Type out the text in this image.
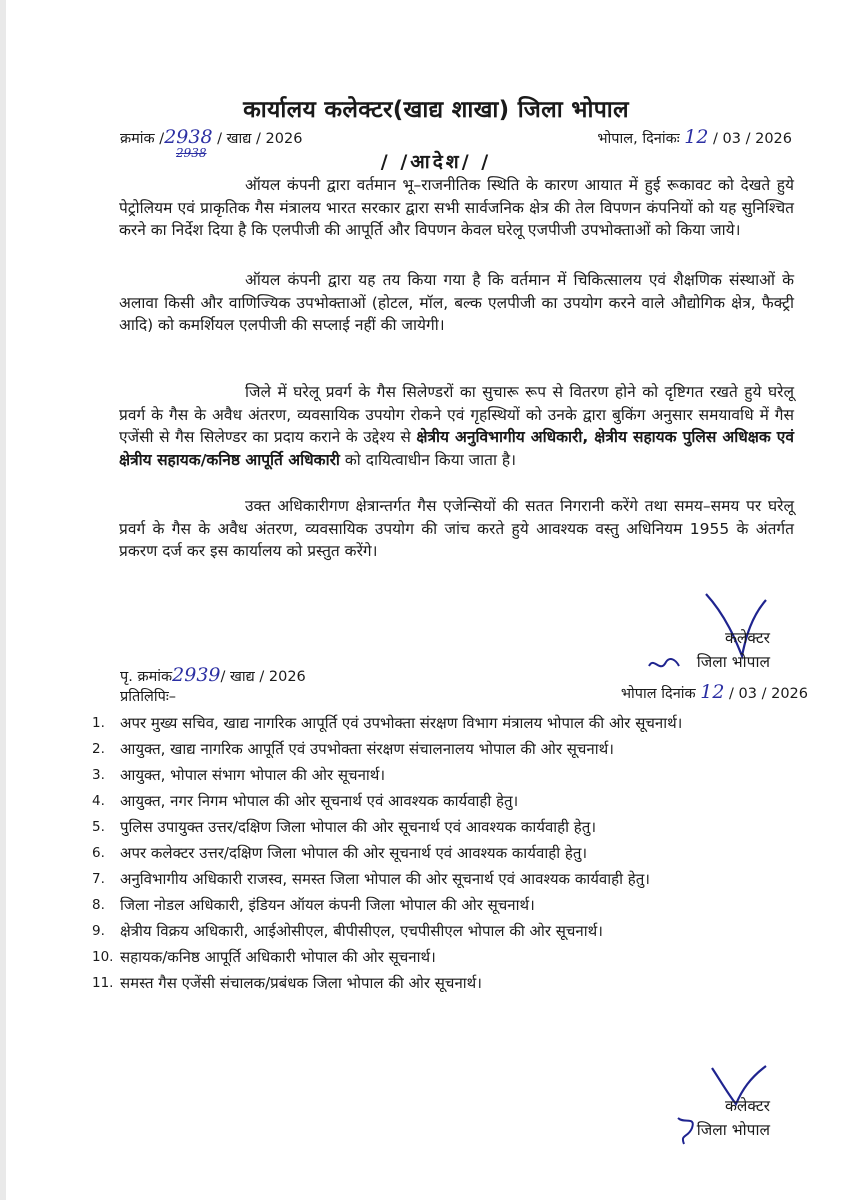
कार्यालय कलेक्टर(खाद्य शाखा) जिला भोपाल
क्रमांक /2938 / खाद्य / 2026
2938
भोपाल, दिनांकः 12 / 03 / 2026
/ /आदेश/ /
ऑयल कंपनी द्वारा वर्तमान भू–राजनीतिक स्थिति के कारण आयात में हुई रूकावट को देखते हुये पेट्रोलियम एवं प्राकृतिक गैस मंत्रालय भारत सरकार द्वारा सभी सार्वजनिक क्षेत्र की तेल विपणन कंपनियों को यह सुनिश्चित करने का निर्देश दिया है कि एलपीजी की आपूर्ति और विपणन केवल घरेलू एजपीजी उपभोक्ताओं को किया जाये।
ऑयल कंपनी द्वारा यह तय किया गया है कि वर्तमान में चिकित्सालय एवं शैक्षणिक संस्थाओं के अलावा किसी और वाणिज्यिक उपभोक्ताओं (होटल, मॉल, बल्क एलपीजी का उपयोग करने वाले औद्योगिक क्षेत्र, फैक्ट्री आदि) को कमर्शियल एलपीजी की सप्लाई नहीं की जायेगी।
जिले में घरेलू प्रवर्ग के गैस सिलेण्डरों का सुचारू रूप से वितरण होने को दृष्टिगत रखते हुये घरेलू प्रवर्ग के गैस के अवैध अंतरण, व्यवसायिक उपयोग रोकने एवं गृहस्थियों को उनके द्वारा बुकिंग अनुसार समयावधि में गैस एजेंसी से गैस सिलेण्डर का प्रदाय कराने के उद्देश्य से क्षेत्रीय अनुविभागीय अधिकारी, क्षेत्रीय सहायक पुलिस अधिक्षक एवं क्षेत्रीय सहायक/कनिष्ठ आपूर्ति अधिकारी को दायित्वाधीन किया जाता है।
उक्त अधिकारीगण क्षेत्रान्तर्गत गैस एजेन्सियों की सतत निगरानी करेंगे तथा समय–समय पर घरेलू प्रवर्ग के गैस के अवैध अंतरण, व्यवसायिक उपयोग की जांच करते हुये आवश्यक वस्तु अधिनियम 1955 के अंतर्गत प्रकरण दर्ज कर इस कार्यालय को प्रस्तुत करेंगे।
कलेक्टर
जिला भोपाल
पृ. क्रमांक2939/ खाद्य / 2026
भोपाल दिनांक 12 / 03 / 2026
प्रतिलिपिः–
1.	अपर मुख्य सचिव, खाद्य नागरिक आपूर्ति एवं उपभोक्ता संरक्षण विभाग मंत्रालय भोपाल की ओर सूचनार्थ।
2.	आयुक्त, खाद्य नागरिक आपूर्ति एवं उपभोक्ता संरक्षण संचालनालय भोपाल की ओर सूचनार्थ।
3.	आयुक्त, भोपाल संभाग भोपाल की ओर सूचनार्थ।
4.	आयुक्त, नगर निगम भोपाल की ओर सूचनार्थ एवं आवश्यक कार्यवाही हेतु।
5.	पुलिस उपायुक्त उत्तर/दक्षिण जिला भोपाल की ओर सूचनार्थ एवं आवश्यक कार्यवाही हेतु।
6.	अपर कलेक्टर उत्तर/दक्षिण जिला भोपाल की ओर सूचनार्थ एवं आवश्यक कार्यवाही हेतु।
7.	अनुविभागीय अधिकारी राजस्व, समस्त जिला भोपाल की ओर सूचनार्थ एवं आवश्यक कार्यवाही हेतु।
8.	जिला नोडल अधिकारी, इंडियन ऑयल कंपनी जिला भोपाल की ओर सूचनार्थ।
9.	क्षेत्रीय विक्रय अधिकारी, आईओसीएल, बीपीसीएल, एचपीसीएल भोपाल की ओर सूचनार्थ।
10. सहायक/कनिष्ठ आपूर्ति अधिकारी भोपाल की ओर सूचनार्थ।
11. समस्त गैस एजेंसी संचालक/प्रबंधक जिला भोपाल की ओर सूचनार्थ।
कलेक्टर
जिला भोपाल
